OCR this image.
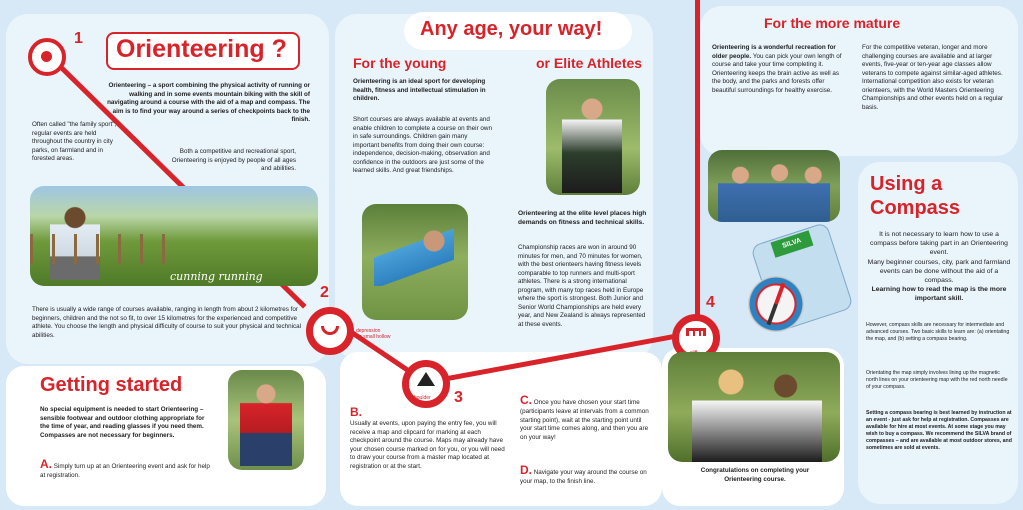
Orienteering ?
1
Orienteering – a sport combining the physical activity of running or walking and in some events mountain biking with the skill of navigating around a course with the aid of a map and compass. The aim is to find your way around a series of checkpoints back to the finish.
Often called "the family sport", regular events are held throughout the country in city parks, on farmland and in forested areas.
Both a competitive and recreational sport, Orienteering is enjoyed by people of all ages and abilities.
cunning running
There is usually a wide range of courses available, ranging in length from about 2 kilometres for beginners, children and the not so fit, to over 15 kilometres for the experienced and competitive athlete. You choose the length and physical difficulty of course to suit your physical and technical abilities.
2
depression
- a small hollow
Any age, your way!
For the young	or Elite Athletes
Orienteering is an ideal sport for developing health, fitness and intellectual stimulation in children.
Short courses are always available at events and enable children to complete a course on their own in safe surroundings. Children gain many important benefits from doing their own course: independence, decision-making, observation and confidence in the outdoors are just some of the learned skills. And great friendships.
Orienteering at the elite level places high demands on fitness and technical skills.
Championship races are won in around 90 minutes for men, and 70 minutes for women, with the best orienteers having fitness levels comparable to top runners and multi-sport athletes. There is a strong international program, with many top races held in Europe where the sport is strongest. Both Junior and Senior World Championships are held every year, and New Zealand is always represented at these events.
For the more mature
Orienteering is a wonderful recreation for older people. You can pick your own length of course and take your time completing it. Orienteering keeps the brain active as well as the body, and the parks and forests offer beautiful surroundings for healthy exercise.
For the competitive veteran, longer and more challenging courses are available and at larger events, five-year or ten-year age classes allow veterans to compete against similar-aged athletes. International competition also exists for veteran orienteers, with the World Masters Orienteering Championships and other events held on a regular basis.
Using a Compass
It is not necessary to learn how to use a compass before taking part in an Orienteering event.
Many beginner courses, city, park and farmland events can be done without the aid of a compass.
Learning how to read the map is the more important skill.
However, compass skills are necessary for intermediate and advanced courses. Two basic skills to learn are: (a) orientating the map, and (b) setting a compass bearing.
Orientating the map simply involves lining up the magnetic north lines on your orienteering map with the red north needle of your compass.
Setting a compass bearing is best learned by instruction at an event - just ask for help at registration. Compasses are available for hire at most events. At some stage you may wish to buy a compass. We recommend the SILVA brand of compasses – and are available at most outdoor stores, and sometimes are sold at events.
SILVA
4
3
boulder
Getting started
No special equipment is needed to start Orienteering – sensible footwear and outdoor clothing appropriate for the time of year, and reading glasses if you need them. Compasses are not necessary for beginners.
A. Simply turn up at an Orienteering event and ask for help at registration.
B.
Usually at events, upon paying the entry fee, you will receive a map and clipcard for marking at each checkpoint around the course. Maps may already have your chosen course marked on for you, or you will need to draw your course from a master map located at registration or at the start.
C. Once you have chosen your start time (participants leave at intervals from a common starting point), wait at the starting point until your start time comes along, and then you are on your way!
D. Navigate your way around the course on your map, to the finish line.
Congratulations on completing your Orienteering course.
